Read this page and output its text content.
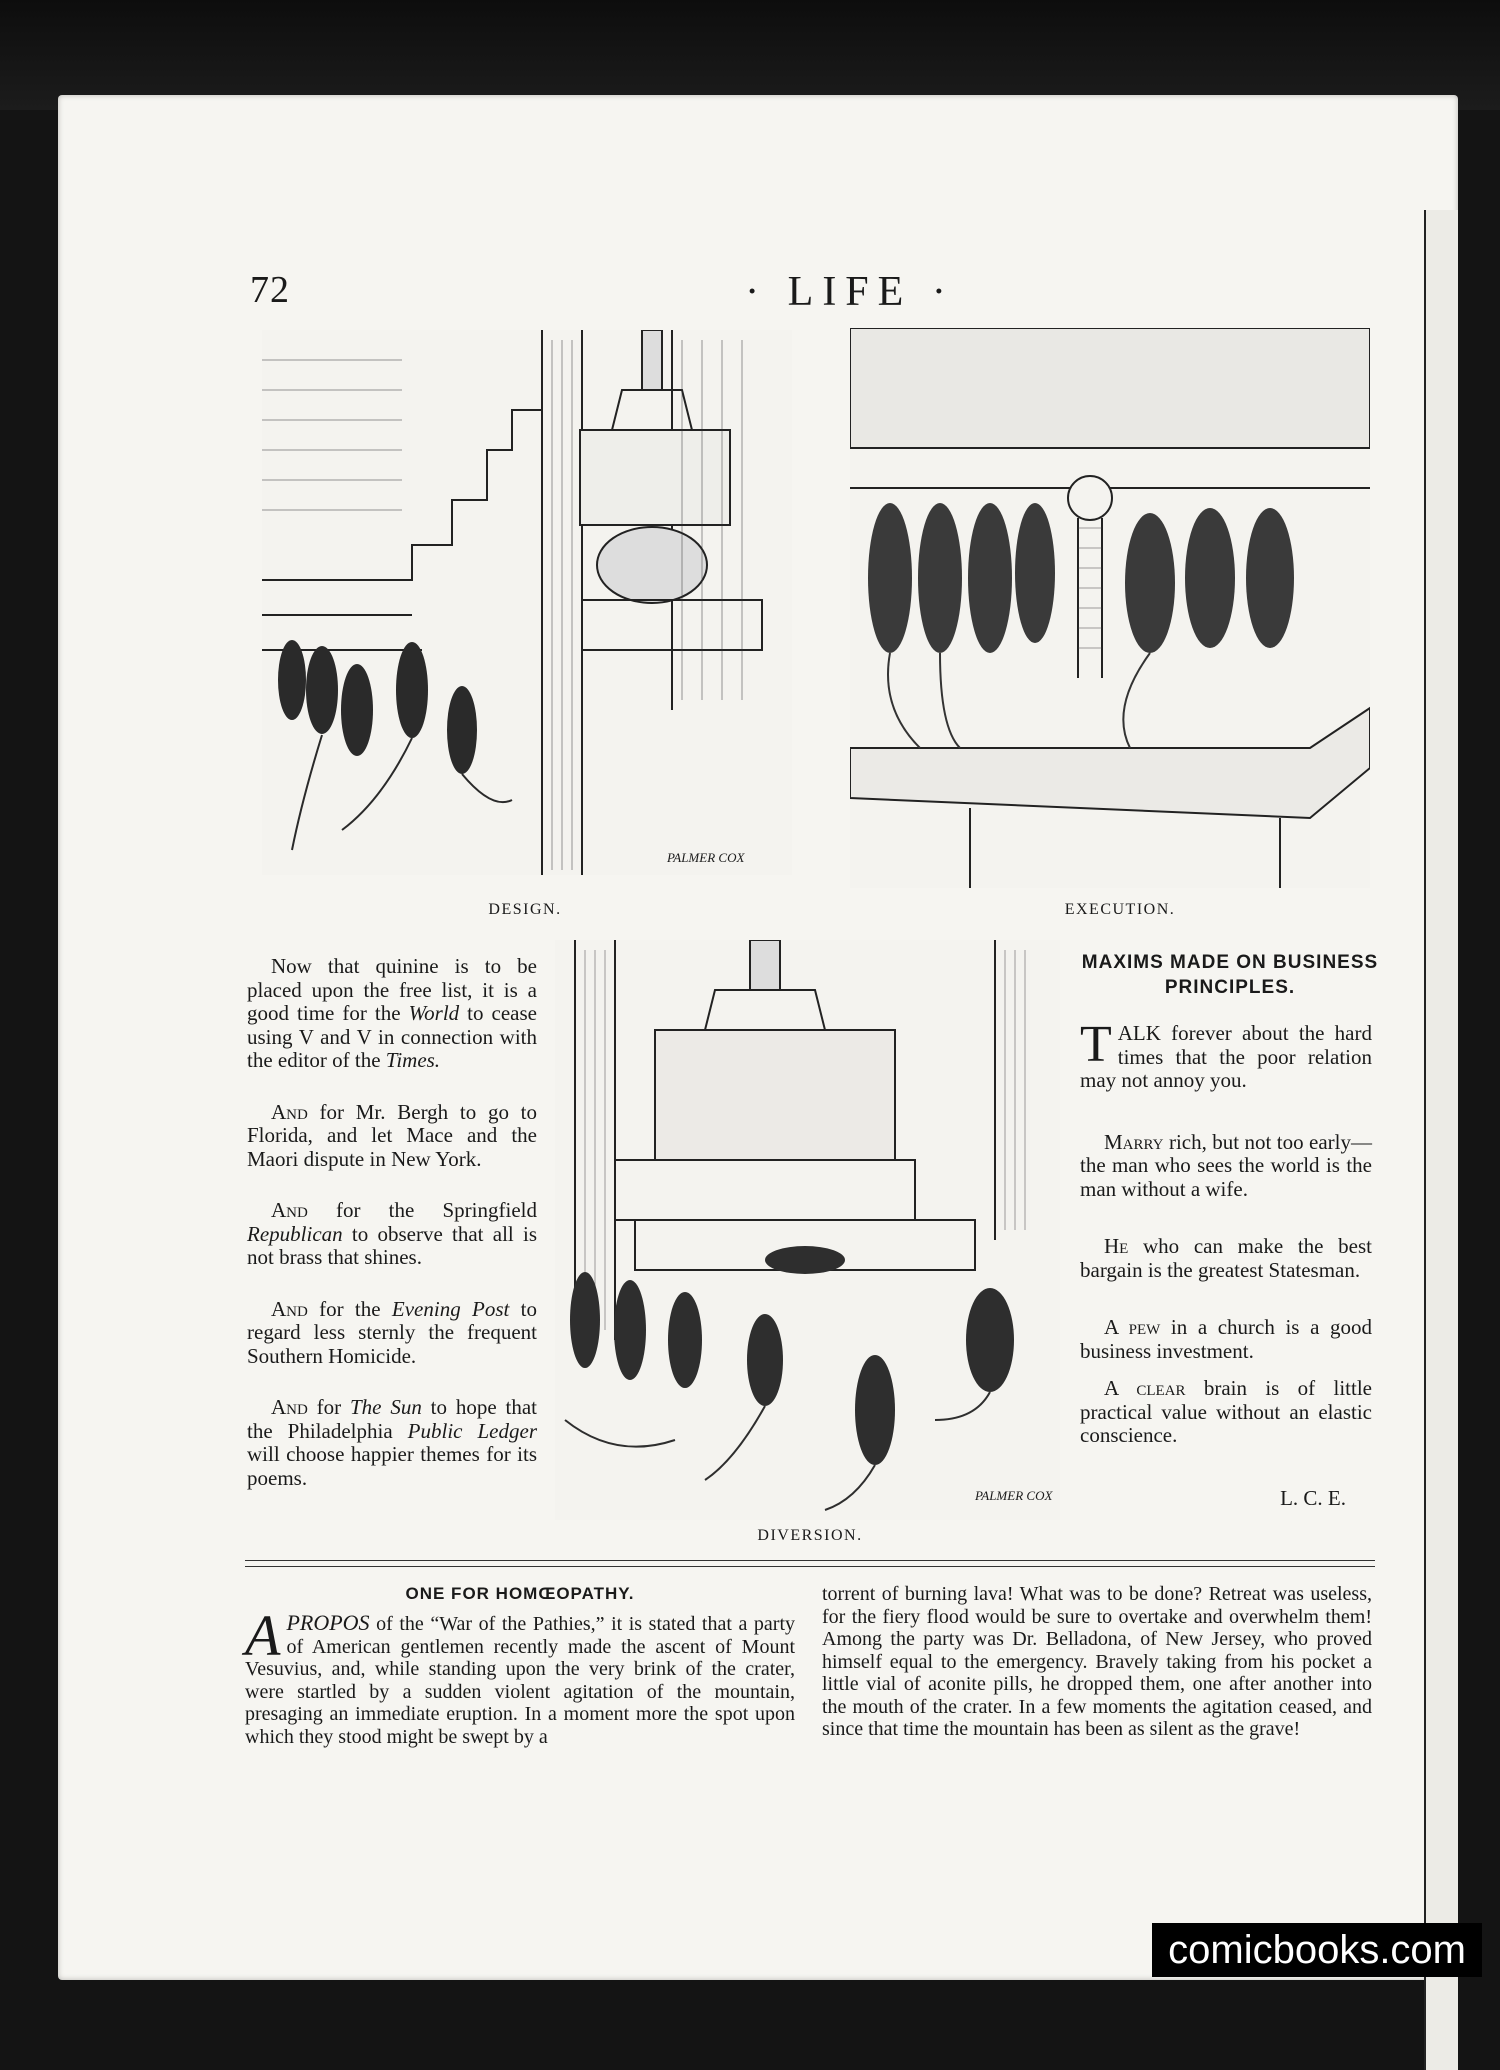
72	· LIFE ·
PALMER COX
DESIGN.	EXECUTION.

Now that quinine is to be placed upon the free list, it is a good time for the World to cease using V and V in connection with the editor of the Times.

And for Mr. Bergh to go to Florida, and let Mace and the Maori dispute in New York.

And for the Springfield Republican to observe that all is not brass that shines.

And for the Evening Post to regard less sternly the frequent Southern Homicide.

And for The Sun to hope that the Philadelphia Public Ledger will choose happier themes for its poems.

PALMER COX
DIVERSION.
MAXIMS MADE ON BUSINESS PRINCIPLES.

TALK forever about the hard times that the poor relation may not annoy you.

Marry rich, but not too early—the man who sees the world is the man without a wife.

He who can make the best bargain is the greatest Statesman.

A pew in a church is a good business investment.

A clear brain is of little practical value without an elastic conscience.

L. C. E.
ONE FOR HOMŒOPATHY.

APROPOS of the “War of the Pathies,” it is stated that a party of American gentlemen recently made the ascent of Mount Vesuvius, and, while standing upon the very brink of the crater, were startled by a sudden violent agitation of the mountain, presaging an immediate eruption. In a moment more the spot upon which they stood might be swept by a

torrent of burning lava! What was to be done? Retreat was useless, for the fiery flood would be sure to overtake and overwhelm them! Among the party was Dr. Belladona, of New Jersey, who proved himself equal to the emergency. Bravely taking from his pocket a little vial of aconite pills, he dropped them, one after another into the mouth of the crater. In a few moments the agitation ceased, and since that time the mountain has been as silent as the grave!

comicbooks.com
